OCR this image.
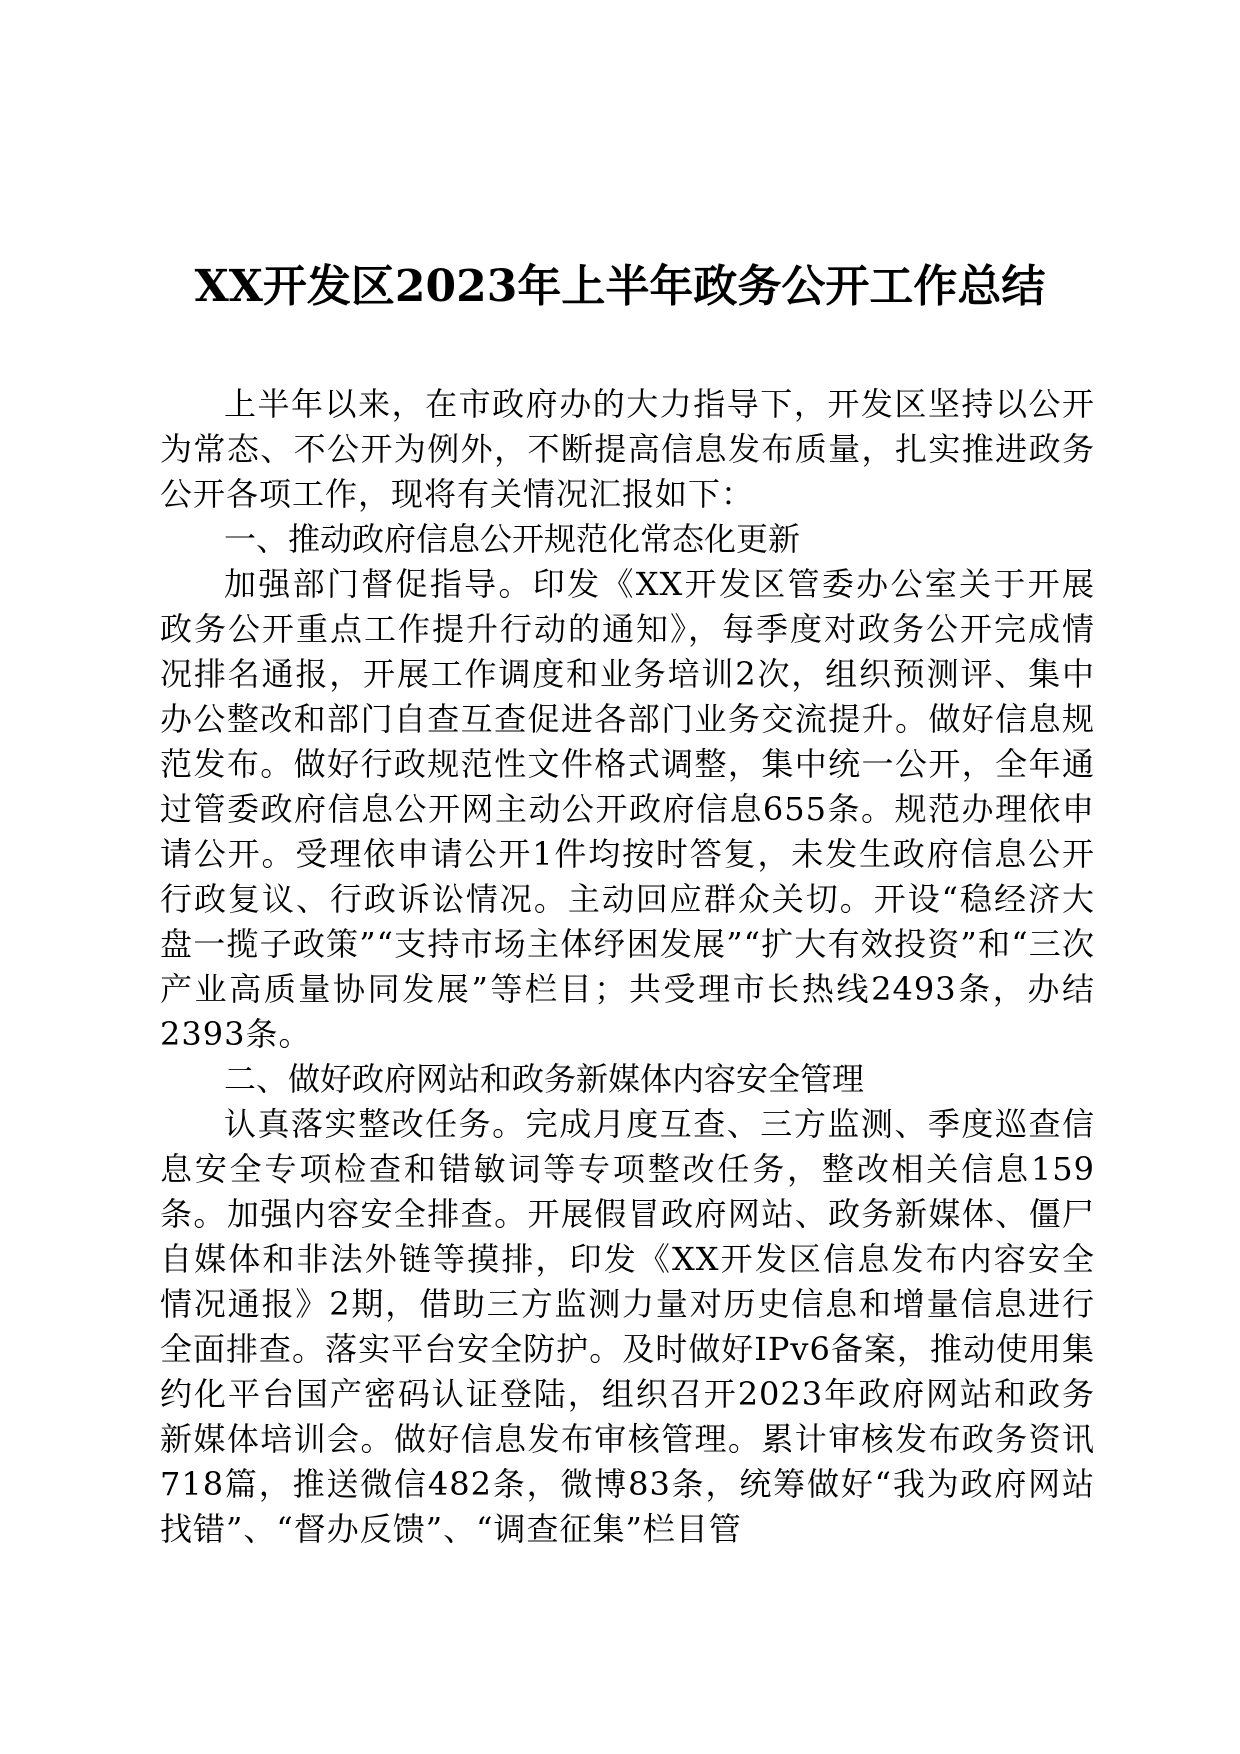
XX开发区2023年上半年政务公开工作总结

上半年以来，在市政府办的大力指导下，开发区坚持以公开为常态、不公开为例外，不断提高信息发布质量，扎实推进政务公开各项工作，现将有关情况汇报如下：

一、推动政府信息公开规范化常态化更新

加强部门督促指导。印发《XX开发区管委办公室关于开展政务公开重点工作提升行动的通知》，每季度对政务公开完成情况排名通报，开展工作调度和业务培训2次，组织预测评、集中办公整改和部门自查互查促进各部门业务交流提升。做好信息规范发布。做好行政规范性文件格式调整，集中统一公开，全年通过管委政府信息公开网主动公开政府信息655条。规范办理依申请公开。受理依申请公开1件均按时答复，未发生政府信息公开行政复议、行政诉讼情况。主动回应群众关切。开设“稳经济大盘一揽子政策”“支持市场主体纾困发展”“扩大有效投资”和“三次产业高质量协同发展”等栏目；共受理市长热线2493条，办结2393条。

二、做好政府网站和政务新媒体内容安全管理

认真落实整改任务。完成月度互查、三方监测、季度巡查信息安全专项检查和错敏词等专项整改任务，整改相关信息159条。加强内容安全排查。开展假冒政府网站、政务新媒体、僵尸自媒体和非法外链等摸排，印发《XX开发区信息发布内容安全情况通报》2期，借助三方监测力量对历史信息和增量信息进行全面排查。落实平台安全防护。及时做好IPv6备案，推动使用集约化平台国产密码认证登陆，组织召开2023年政府网站和政务新媒体培训会。做好信息发布审核管理。累计审核发布政务资讯718篇，推送微信482条，微博83条，统筹做好“我为政府网站找错”、“督办反馈”、“调查征集”栏目管
